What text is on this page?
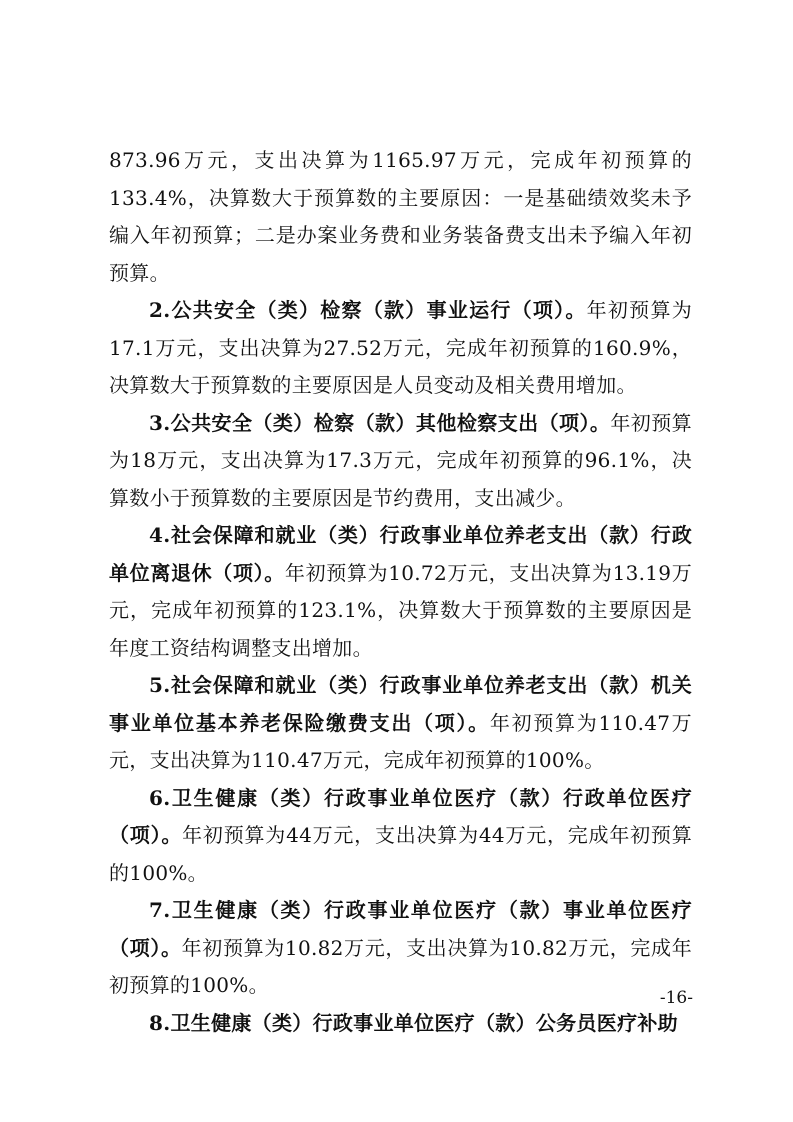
873.96万元，支出决算为1165.97万元，完成年初预算的133.4%，决算数大于预算数的主要原因：一是基础绩效奖未予编入年初预算；二是办案业务费和业务装备费支出未予编入年初预算。

2.公共安全（类）检察（款）事业运行（项）。年初预算为17.1万元，支出决算为27.52万元，完成年初预算的160.9%，决算数大于预算数的主要原因是人员变动及相关费用增加。

3.公共安全（类）检察（款）其他检察支出（项）。年初预算为18万元，支出决算为17.3万元，完成年初预算的96.1%，决算数小于预算数的主要原因是节约费用，支出减少。

4.社会保障和就业（类）行政事业单位养老支出（款）行政单位离退休（项）。年初预算为10.72万元，支出决算为13.19万元，完成年初预算的123.1%，决算数大于预算数的主要原因是年度工资结构调整支出增加。

5.社会保障和就业（类）行政事业单位养老支出（款）机关事业单位基本养老保险缴费支出（项）。年初预算为110.47万元，支出决算为110.47万元，完成年初预算的100%。

6.卫生健康（类）行政事业单位医疗（款）行政单位医疗（项）。年初预算为44万元，支出决算为44万元，完成年初预算的100%。

7.卫生健康（类）行政事业单位医疗（款）事业单位医疗（项）。年初预算为10.82万元，支出决算为10.82万元，完成年初预算的100%。

8.卫生健康（类）行政事业单位医疗（款）公务员医疗补助

-16-
